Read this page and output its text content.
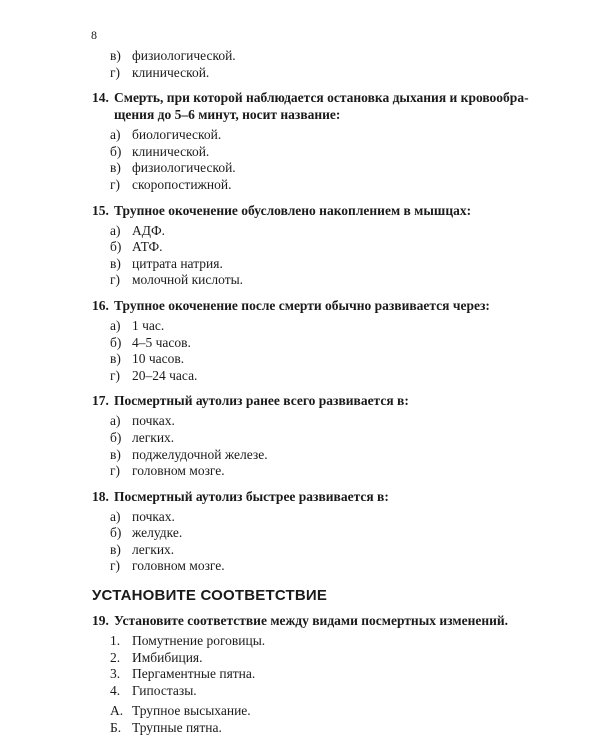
8
в) физиологической.
г) клинической.
14. Смерть, при которой наблюдается остановка дыхания и кровообра-щения до 5–6 минут, носит название:
а) биологической.
б) клинической.
в) физиологической.
г) скоропостижной.
15. Трупное окоченение обусловлено накоплением в мышцах:
а) АДФ.
б) АТФ.
в) цитрата натрия.
г) молочной кислоты.
16. Трупное окоченение после смерти обычно развивается через:
а) 1 час.
б) 4–5 часов.
в) 10 часов.
г) 20–24 часа.
17. Посмертный аутолиз ранее всего развивается в:
а) почках.
б) легких.
в) поджелудочной железе.
г) головном мозге.
18. Посмертный аутолиз быстрее развивается в:
а) почках.
б) желудке.
в) легких.
г) головном мозге.
УСТАНОВИТЕ СООТВЕТСТВИЕ
19. Установите соответствие между видами посмертных изменений.
1. Помутнение роговицы.
2. Имбибиция.
3. Пергаментные пятна.
4. Гипостазы.
А. Трупное высыхание.
Б. Трупные пятна.
